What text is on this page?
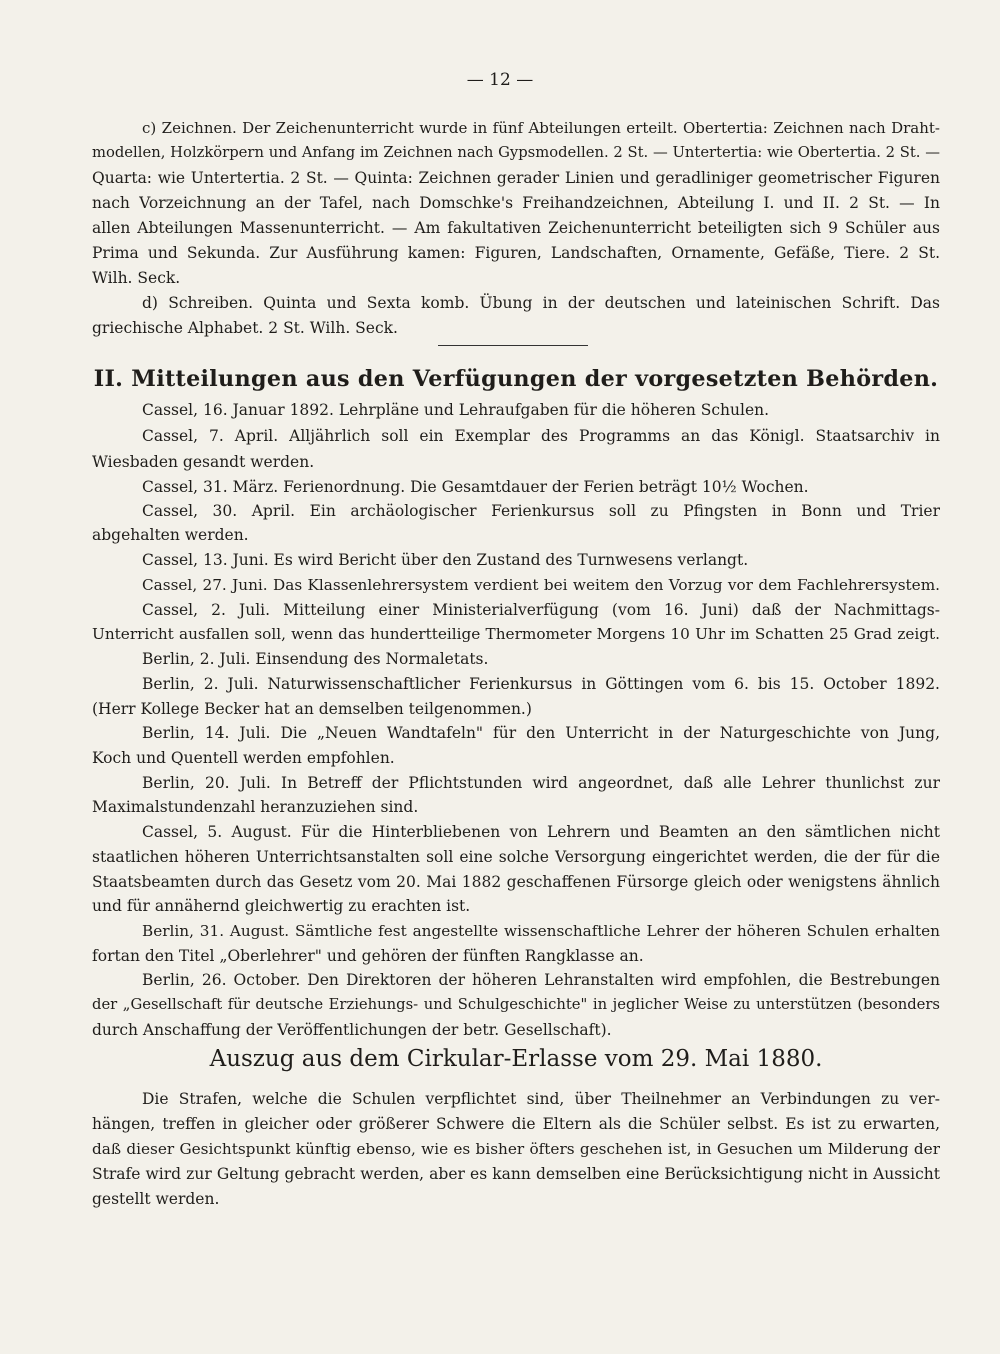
— 12 —
c) Zeichnen. Der Zeichenunterricht wurde in fünf Abteilungen erteilt. Obertertia: Zeichnen nach Draht-
modellen, Holzkörpern und Anfang im Zeichnen nach Gypsmodellen. 2 St. — Untertertia: wie Obertertia. 2 St. —
Quarta: wie Untertertia. 2 St. — Quinta: Zeichnen gerader Linien und geradliniger geometrischer Figuren
nach Vorzeichnung an der Tafel, nach Domschke's Freihandzeichnen, Abteilung I. und II. 2 St. — In
allen Abteilungen Massenunterricht. — Am fakultativen Zeichenunterricht beteiligten sich 9 Schüler aus
Prima und Sekunda. Zur Ausführung kamen: Figuren, Landschaften, Ornamente, Gefäße, Tiere. 2 St.
Wilh. Seck.
d) Schreiben. Quinta und Sexta komb. Übung in der deutschen und lateinischen Schrift. Das
griechische Alphabet. 2 St. Wilh. Seck.
II. Mitteilungen aus den Verfügungen der vorgesetzten Behörden.
Cassel, 16. Januar 1892. Lehrpläne und Lehraufgaben für die höheren Schulen.
Cassel, 7. April. Alljährlich soll ein Exemplar des Programms an das Königl. Staatsarchiv in
Wiesbaden gesandt werden.
Cassel, 31. März. Ferienordnung. Die Gesamtdauer der Ferien beträgt 10½ Wochen.
Cassel, 30. April. Ein archäologischer Ferienkursus soll zu Pfingsten in Bonn und Trier
abgehalten werden.
Cassel, 13. Juni. Es wird Bericht über den Zustand des Turnwesens verlangt.
Cassel, 27. Juni. Das Klassenlehrersystem verdient bei weitem den Vorzug vor dem Fachlehrersystem.
Cassel, 2. Juli. Mitteilung einer Ministerialverfügung (vom 16. Juni) daß der Nachmittags-
Unterricht ausfallen soll, wenn das hundertteilige Thermometer Morgens 10 Uhr im Schatten 25 Grad zeigt.
Berlin, 2. Juli. Einsendung des Normaletats.
Berlin, 2. Juli. Naturwissenschaftlicher Ferienkursus in Göttingen vom 6. bis 15. October 1892.
(Herr Kollege Becker hat an demselben teilgenommen.)
Berlin, 14. Juli. Die „Neuen Wandtafeln" für den Unterricht in der Naturgeschichte von Jung,
Koch und Quentell werden empfohlen.
Berlin, 20. Juli. In Betreff der Pflichtstunden wird angeordnet, daß alle Lehrer thunlichst zur
Maximalstundenzahl heranzuziehen sind.
Cassel, 5. August. Für die Hinterbliebenen von Lehrern und Beamten an den sämtlichen nicht
staatlichen höheren Unterrichtsanstalten soll eine solche Versorgung eingerichtet werden, die der für die
Staatsbeamten durch das Gesetz vom 20. Mai 1882 geschaffenen Fürsorge gleich oder wenigstens ähnlich
und für annähernd gleichwertig zu erachten ist.
Berlin, 31. August. Sämtliche fest angestellte wissenschaftliche Lehrer der höheren Schulen erhalten
fortan den Titel „Oberlehrer" und gehören der fünften Rangklasse an.
Berlin, 26. October. Den Direktoren der höheren Lehranstalten wird empfohlen, die Bestrebungen
der „Gesellschaft für deutsche Erziehungs- und Schulgeschichte" in jeglicher Weise zu unterstützen (besonders
durch Anschaffung der Veröffentlichungen der betr. Gesellschaft).
Auszug aus dem Cirkular-Erlasse vom 29. Mai 1880.
Die Strafen, welche die Schulen verpflichtet sind, über Theilnehmer an Verbindungen zu ver-
hängen, treffen in gleicher oder größerer Schwere die Eltern als die Schüler selbst. Es ist zu erwarten,
daß dieser Gesichtspunkt künftig ebenso, wie es bisher öfters geschehen ist, in Gesuchen um Milderung der
Strafe wird zur Geltung gebracht werden, aber es kann demselben eine Berücksichtigung nicht in Aussicht
gestellt werden.
